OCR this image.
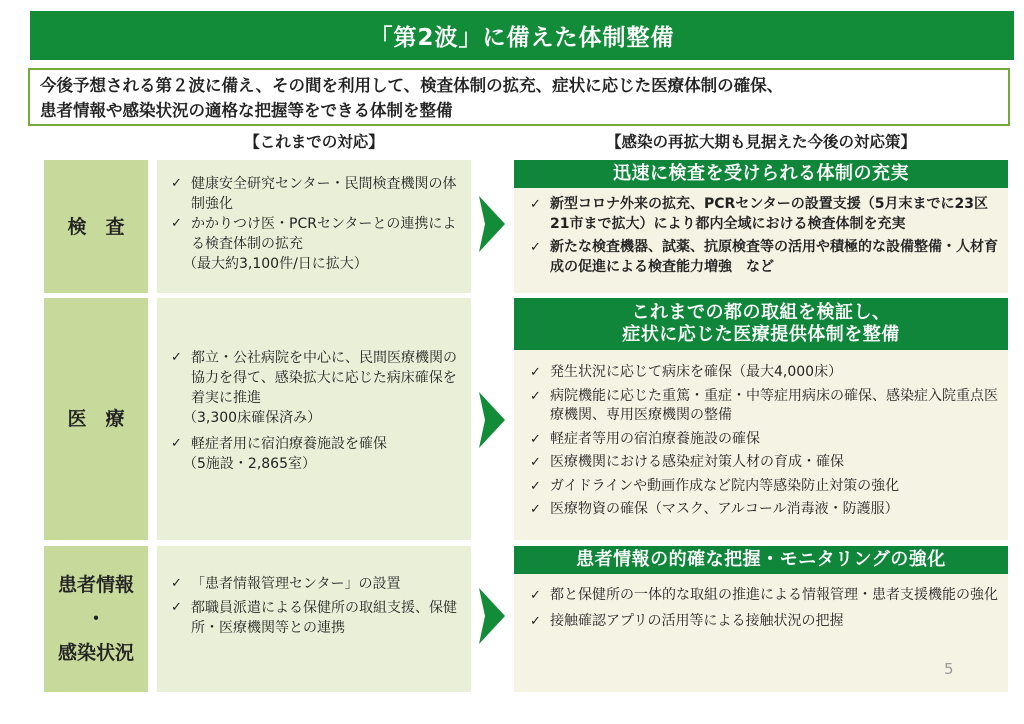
「第2波」に備えた体制整備
今後予想される第２波に備え、その間を利用して、検査体制の拡充、症状に応じた医療体制の確保、
患者情報や感染状況の適格な把握等をできる体制を整備
【これまでの対応】	【感染の再拡大期も見据えた今後の対応策】
検　査
✓ 健康安全研究センター・民間検査機関の体制強化
✓ かかりつけ医・PCRセンターとの連携による検査体制の拡充
（最大約3,100件/日に拡大）
迅速に検査を受けられる体制の充実
✓ 新型コロナ外来の拡充、PCRセンターの設置支援（5月末までに23区21市まで拡大）により都内全域における検査体制を充実
✓ 新たな検査機器、試薬、抗原検査等の活用や積極的な設備整備・人材育成の促進による検査能力増強　など
医　療
✓ 都立・公社病院を中心に、民間医療機関の協力を得て、感染拡大に応じた病床確保を着実に推進
（3,300床確保済み）
✓ 軽症者用に宿泊療養施設を確保
（5施設・2,865室）
これまでの都の取組を検証し、
症状に応じた医療提供体制を整備
✓ 発生状況に応じて病床を確保（最大4,000床）
✓ 病院機能に応じた重篤・重症・中等症用病床の確保、感染症入院重点医療機関、専用医療機関の整備
✓ 軽症者等用の宿泊療養施設の確保
✓ 医療機関における感染症対策人材の育成・確保
✓ ガイドラインや動画作成など院内等感染防止対策の強化
✓ 医療物資の確保（マスク、アルコール消毒液・防護服）
患者情報
・
感染状況
✓ 「患者情報管理センター」の設置
✓ 都職員派遣による保健所の取組支援、保健所・医療機関等との連携
患者情報の的確な把握・モニタリングの強化
✓ 都と保健所の一体的な取組の推進による情報管理・患者支援機能の強化
✓ 接触確認アプリの活用等による接触状況の把握
5
